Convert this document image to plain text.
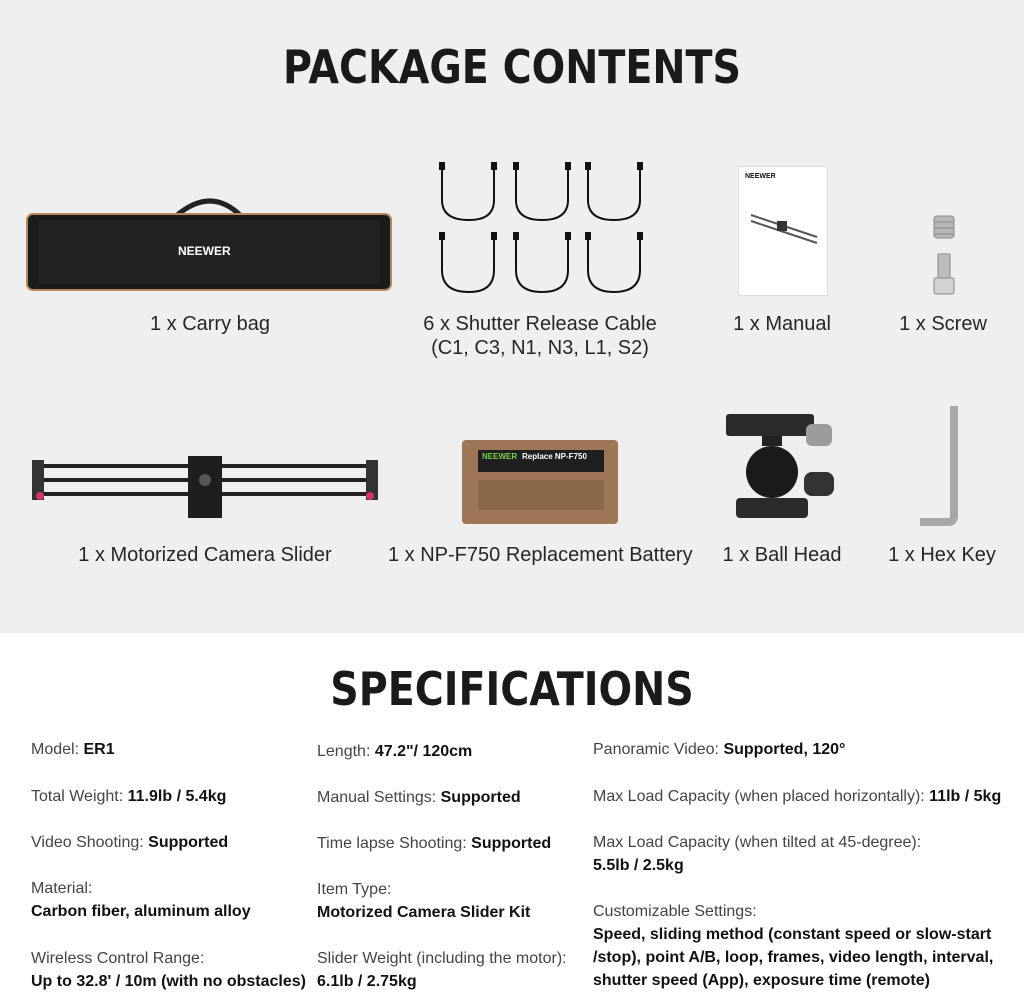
PACKAGE CONTENTS
NEEWER
1 x Carry bag	6 x Shutter Release Cable
(C1, C3, N1, N3, L1, S2)
NEEWER
1 x Manual	1 x Screw
1 x Motorized Camera Slider
NEEWER Replace NP-F750
1 x NP-F750 Replacement Battery	1 x Ball Head	1 x Hex Key
SPECIFICATIONS
Model: ER1
Total Weight: 11.9lb / 5.4kg
Video Shooting: Supported
Material:
Carbon fiber, aluminum alloy
Wireless Control Range:
Up to 32.8' / 10m (with no obstacles)
Length: 47.2"/ 120cm
Manual Settings: Supported
Time lapse Shooting: Supported
Item Type:
Motorized Camera Slider Kit
Slider Weight (including the motor):
6.1lb / 2.75kg
Panoramic Video: Supported, 120°
Max Load Capacity (when placed horizontally): 11lb / 5kg
Max Load Capacity (when tilted at 45-degree):
5.5lb / 2.5kg
Customizable Settings:
Speed, sliding method (constant speed or slow-start
/stop), point A/B, loop, frames, video length, interval,
shutter speed (App), exposure time (remote)
